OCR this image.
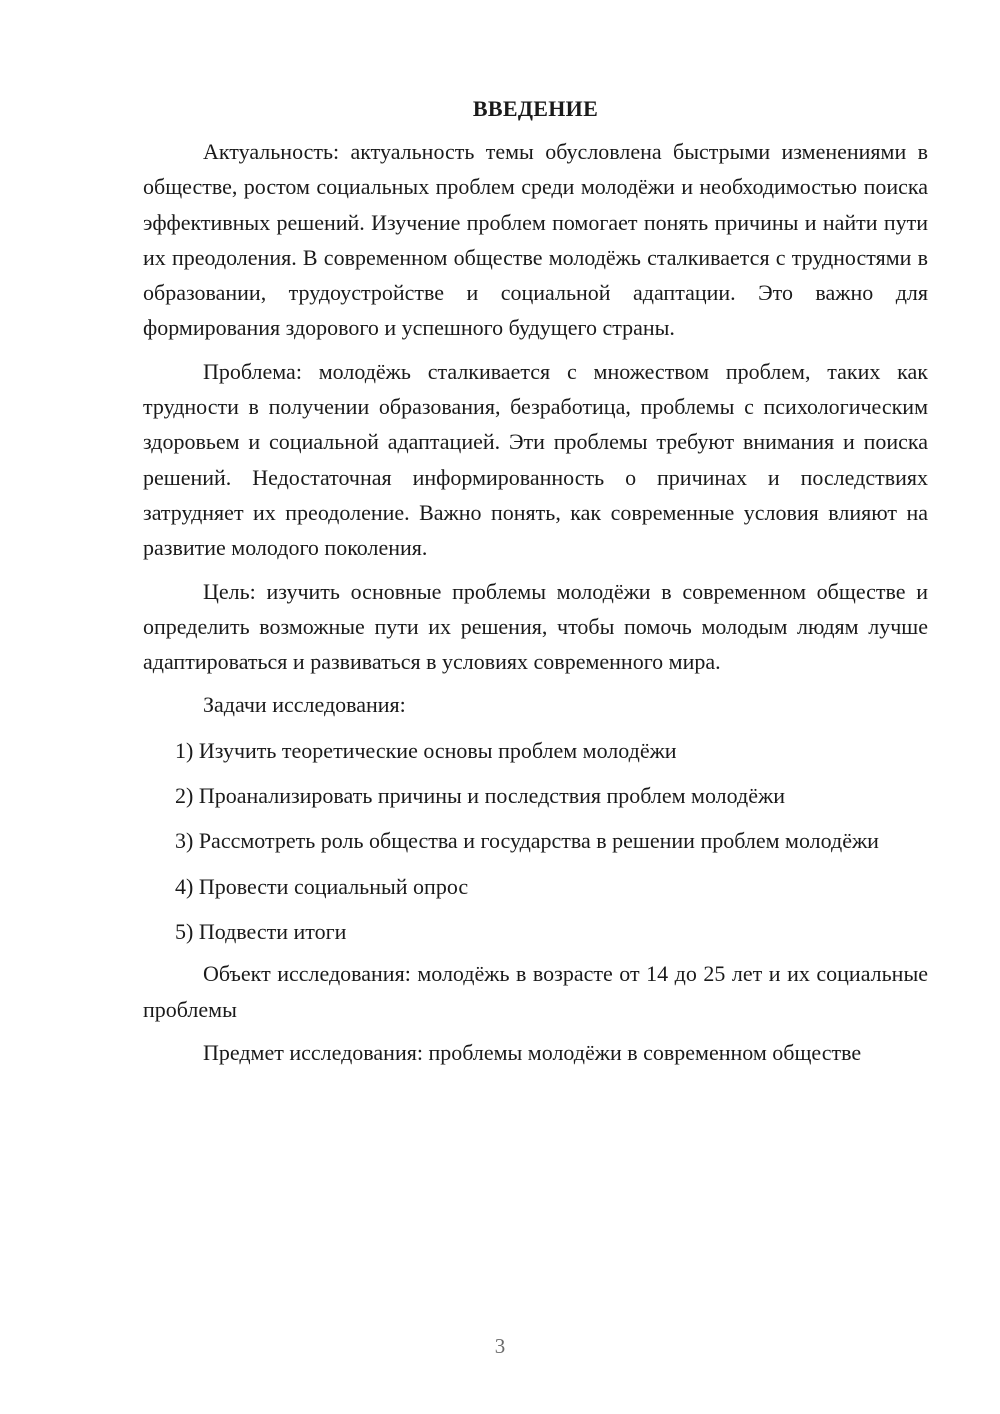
ВВЕДЕНИЕ

Актуальность: актуальность темы обусловлена быстрыми изменениями в обществе, ростом социальных проблем среди молодёжи и необходимостью поиска эффективных решений. Изучение проблем помогает понять причины и найти пути их преодоления. В современном обществе молодёжь сталкивается с трудностями в образовании, трудоустройстве и социальной адаптации. Это важно для формирования здорового и успешного будущего страны.

Проблема: молодёжь сталкивается с множеством проблем, таких как трудности в получении образования, безработица, проблемы с психологическим здоровьем и социальной адаптацией. Эти проблемы требуют внимания и поиска решений. Недостаточная информированность о причинах и последствиях затрудняет их преодоление. Важно понять, как современные условия влияют на развитие молодого поколения.

Цель: изучить основные проблемы молодёжи в современном обществе и определить возможные пути их решения, чтобы помочь молодым людям лучше адаптироваться и развиваться в условиях современного мира.

Задачи исследования:

1) Изучить теоретические основы проблем молодёжи

2) Проанализировать причины и последствия проблем молодёжи

3) Рассмотреть роль общества и государства в решении проблем молодёжи

4) Провести социальный опрос

5) Подвести итоги

Объект исследования: молодёжь в возрасте от 14 до 25 лет и их социальные проблемы

Предмет исследования: проблемы молодёжи в современном обществе

3
